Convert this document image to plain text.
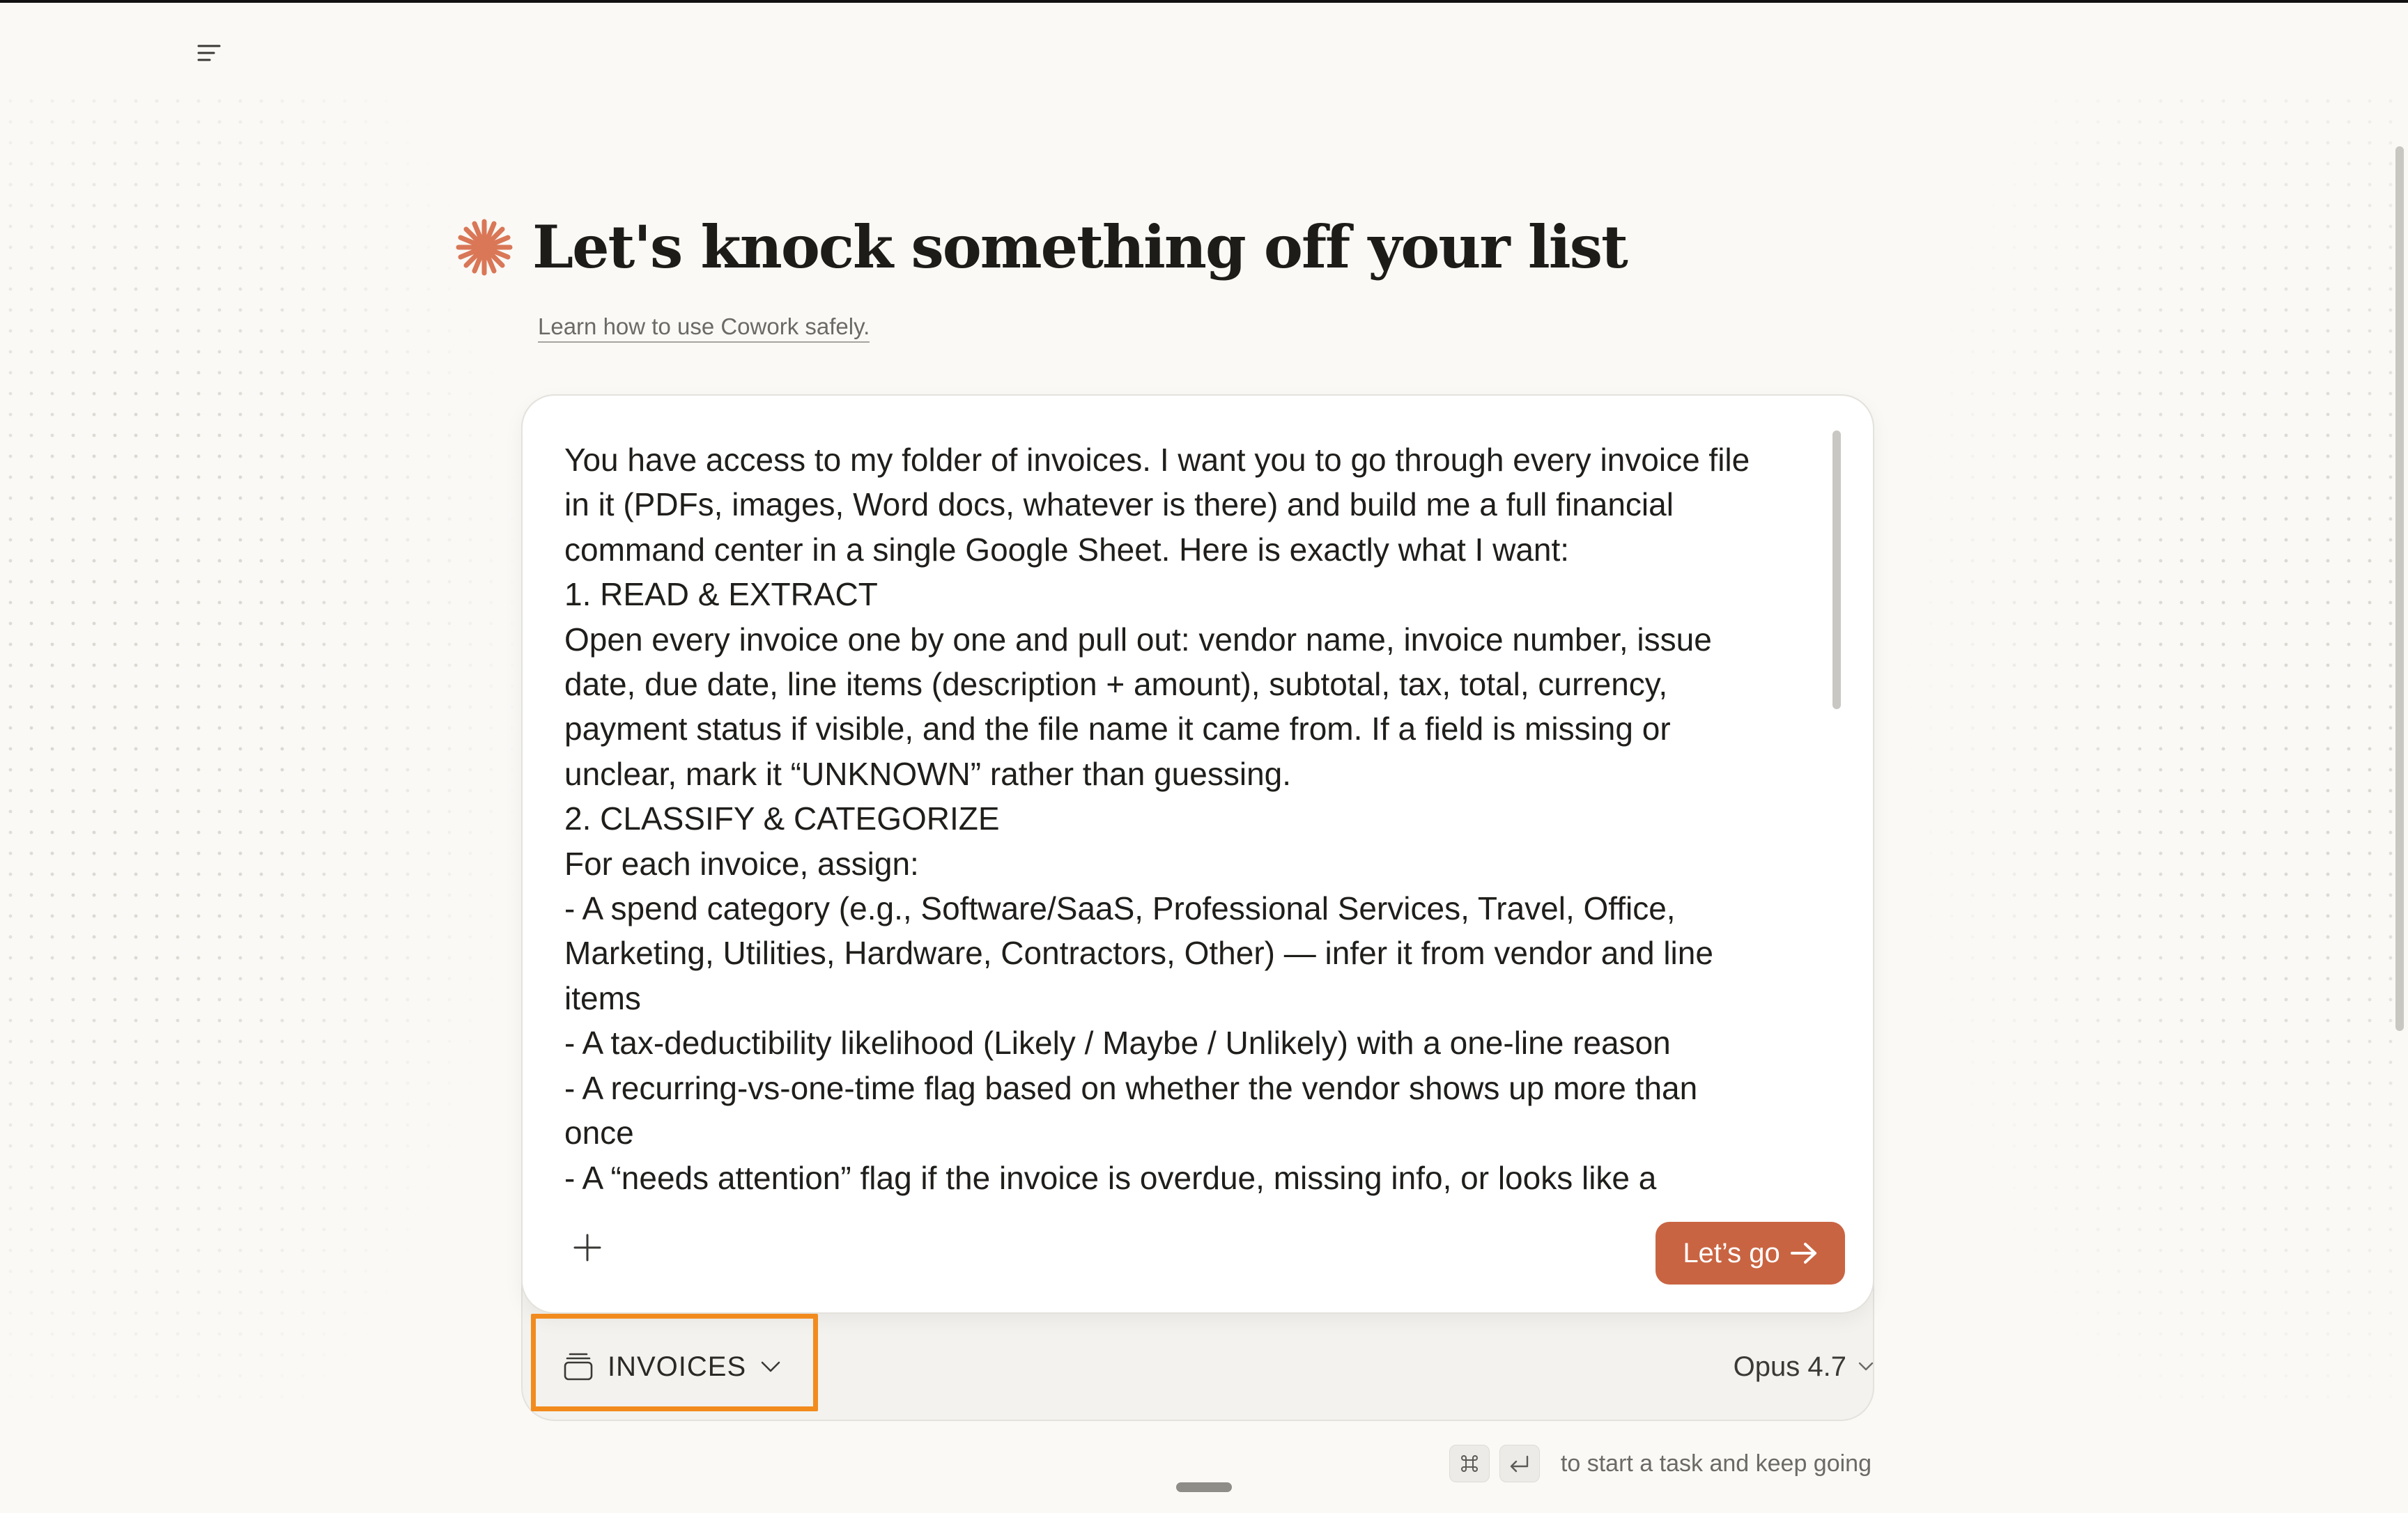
Let's knock something off your list
Learn how to use Cowork safely.
You have access to my folder of invoices. I want you to go through every invoice file
in it (PDFs, images, Word docs, whatever is there) and build me a full financial
command center in a single Google Sheet. Here is exactly what I want:
1. READ & EXTRACT
Open every invoice one by one and pull out: vendor name, invoice number, issue
date, due date, line items (description + amount), subtotal, tax, total, currency,
payment status if visible, and the file name it came from. If a field is missing or
unclear, mark it “UNKNOWN” rather than guessing.
2. CLASSIFY & CATEGORIZE
For each invoice, assign:
- A spend category (e.g., Software/SaaS, Professional Services, Travel, Office,
Marketing, Utilities, Hardware, Contractors, Other) — infer it from vendor and line
items
- A tax-deductibility likelihood (Likely / Maybe / Unlikely) with a one-line reason
- A recurring-vs-one-time flag based on whether the vendor shows up more than
once
- A “needs attention” flag if the invoice is overdue, missing info, or looks like a
Let’s go
INVOICES	Opus 4.7
to start a task and keep going
